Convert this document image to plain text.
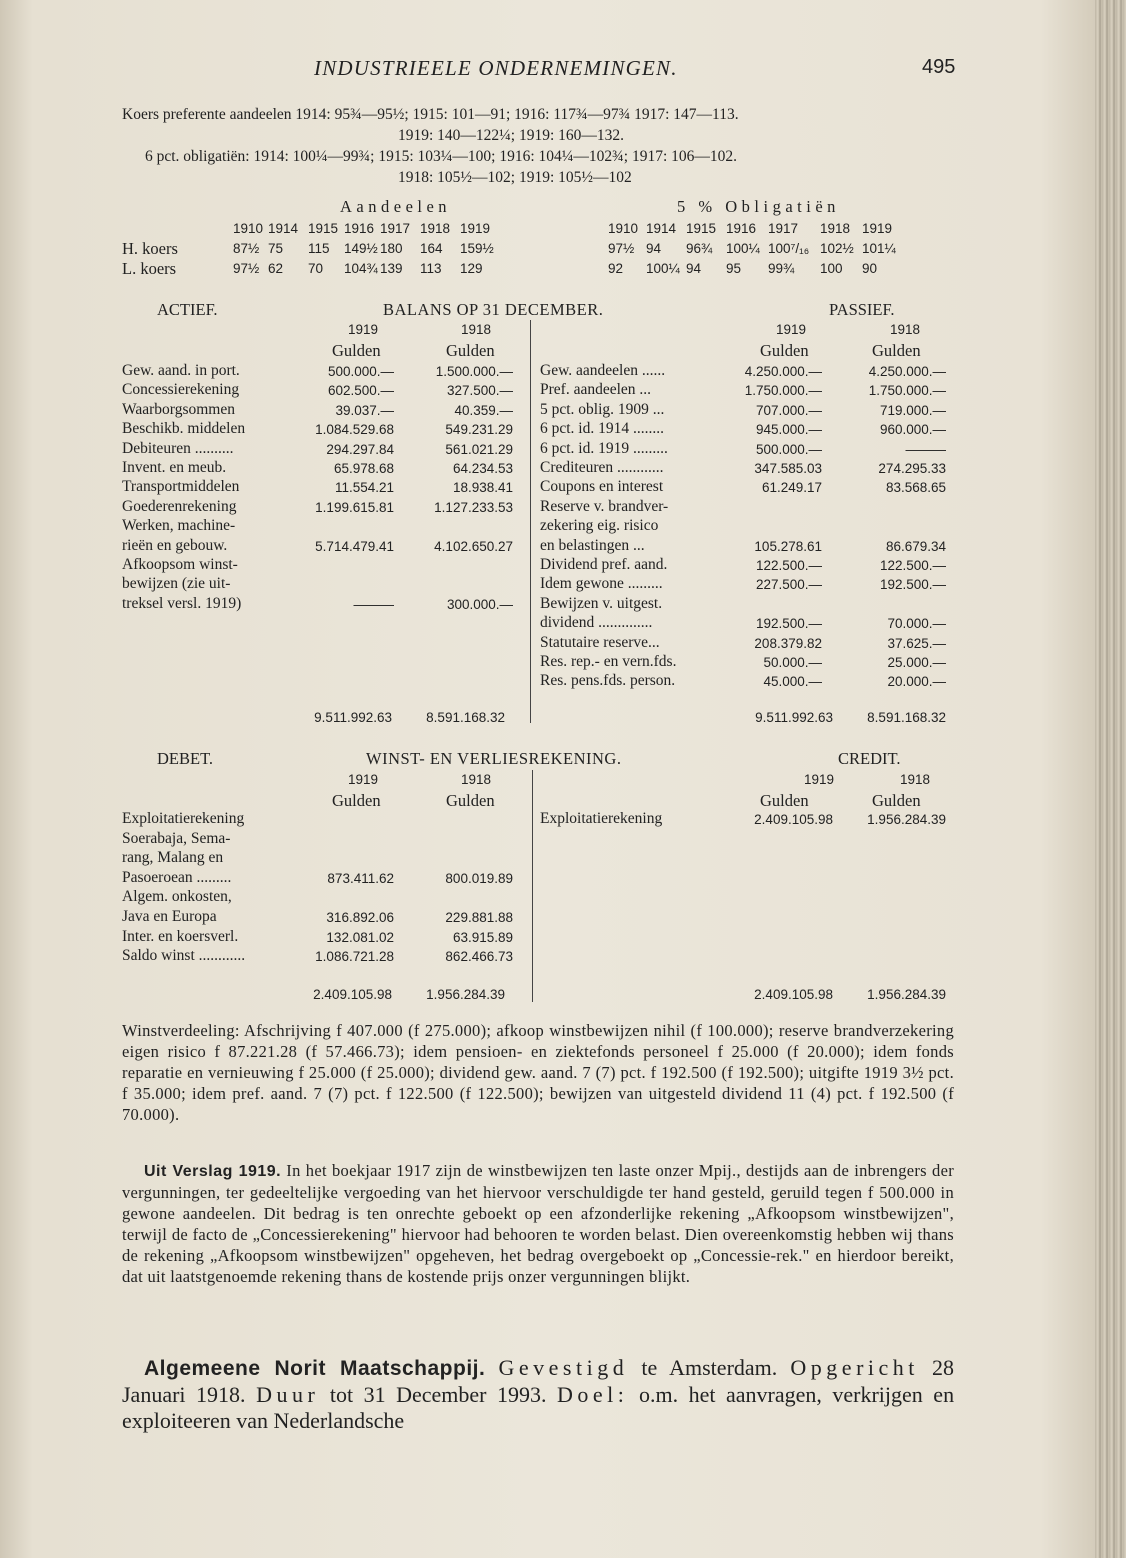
INDUSTRIEELE ONDERNEMINGEN.	495
Koers preferente aandeelen 1914: 95¾—95½; 1915: 101—91; 1916: 117¾—97¾ 1917: 147—113.
1919: 140—122¼; 1919: 160—132.
6 pct. obligatiën: 1914: 100¼—99¾; 1915: 103¼—100; 1916: 104¼—102¾; 1917: 106—102.
1918: 105½—102; 1919: 105½—102
Aandeelen	5 % Obligatiën
1910 1914 1915 1916 1917 1918 1919	1910 1914 1915 1916 1917 1918 1919
H. koers	87½ 75 115 149½ 180 164 159½	97½ 94 96¾ 100¼ 100⁷/₁₆ 102½ 101¼
L. koers	97½ 62 70 104¾ 139 113 129	92 100¼ 94 95 99¾ 100 90
ACTIEF.	BALANS OP 31 DECEMBER.	PASSIEF.
1919	1918
Gulden	Gulden
1919	1918
Gulden	Gulden
Gew. aand. in port.	500.000.—	1.500.000.—
Concessierekening	602.500.—	327.500.—
Waarborgsommen	39.037.—	40.359.—
Beschikb. middelen	1.084.529.68	549.231.29
Debiteuren ..........	294.297.84	561.021.29
Invent. en meub.	65.978.68	64.234.53
Transportmiddelen	11.554.21	18.938.41
Goederenrekening	1.199.615.81	1.127.233.53
Werken, machine-
rieën en gebouw.	5.714.479.41	4.102.650.27
Afkoopsom winst-
bewijzen (zie uit-
treksel versl. 1919)	———	300.000.—
Gew. aandeelen ......	4.250.000.—	4.250.000.—
Pref. aandeelen ...	1.750.000.—	1.750.000.—
5 pct. oblig. 1909 ...	707.000.—	719.000.—
6 pct. id. 1914 ........	945.000.—	960.000.—
6 pct. id. 1919 .........	500.000.—	———
Crediteuren ............	347.585.03	274.295.33
Coupons en interest	61.249.17	83.568.65
Reserve v. brandver-
zekering eig. risico
en belastingen ...	105.278.61	86.679.34
Dividend pref. aand.	122.500.—	122.500.—
Idem gewone .........	227.500.—	192.500.—
Bewijzen v. uitgest.
dividend ..............	192.500.—	70.000.—
Statutaire reserve...	208.379.82	37.625.—
Res. rep.- en vern.fds.	50.000.—	25.000.—
Res. pens.fds. person.	45.000.—	20.000.—
9.511.992.63	8.591.168.32	9.511.992.63	8.591.168.32
DEBET.	WINST- EN VERLIESREKENING.	CREDIT.
1919	1918
Gulden	Gulden
1919	1918
Gulden	Gulden
Exploitatierekening
Soerabaja, Sema-
rang, Malang en
Pasoeroean .........	873.411.62	800.019.89
Algem. onkosten,
Java en Europa	316.892.06	229.881.88
Inter. en koersverl.	132.081.02	63.915.89
Saldo winst ............	1.086.721.28	862.466.73
Exploitatierekening	2.409.105.98	1.956.284.39
2.409.105.98	1.956.284.39	2.409.105.98	1.956.284.39

Winstverdeeling: Afschrijving f 407.000 (f 275.000); afkoop winstbewijzen nihil (f 100.000); reserve brandverzekering eigen risico f 87.221.28 (f 57.466.73); idem pensioen- en ziektefonds personeel f 25.000 (f 20.000); idem fonds reparatie en vernieuwing f 25.000 (f 25.000); dividend gew. aand. 7 (7) pct. f 192.500 (f 192.500); uitgifte 1919 3½ pct. f 35.000; idem pref. aand. 7 (7) pct. f 122.500 (f 122.500); bewijzen van uitgesteld dividend 11 (4) pct. f 192.500 (f 70.000).

Uit Verslag 1919. In het boekjaar 1917 zijn de winstbewijzen ten laste onzer Mpij., destijds aan de inbrengers der vergunningen, ter gedeeltelijke vergoeding van het hiervoor verschuldigde ter hand gesteld, geruild tegen f 500.000 in gewone aandeelen. Dit bedrag is ten onrechte geboekt op een afzonderlijke rekening „Afkoopsom winstbewijzen", terwijl de facto de „Concessierekening" hiervoor had behooren te worden belast. Dien overeenkomstig hebben wij thans de rekening „Afkoopsom winstbewijzen" opgeheven, het bedrag overgeboekt op „Concessie-rek." en hierdoor bereikt, dat uit laatstgenoemde rekening thans de kostende prijs onzer vergunningen blijkt.

Algemeene Norit Maatschappij. Gevestigd te Amsterdam. Opgericht 28 Januari 1918. Duur tot 31 December 1993. Doel: o.m. het aanvragen, verkrijgen en exploiteeren van Nederlandsche
